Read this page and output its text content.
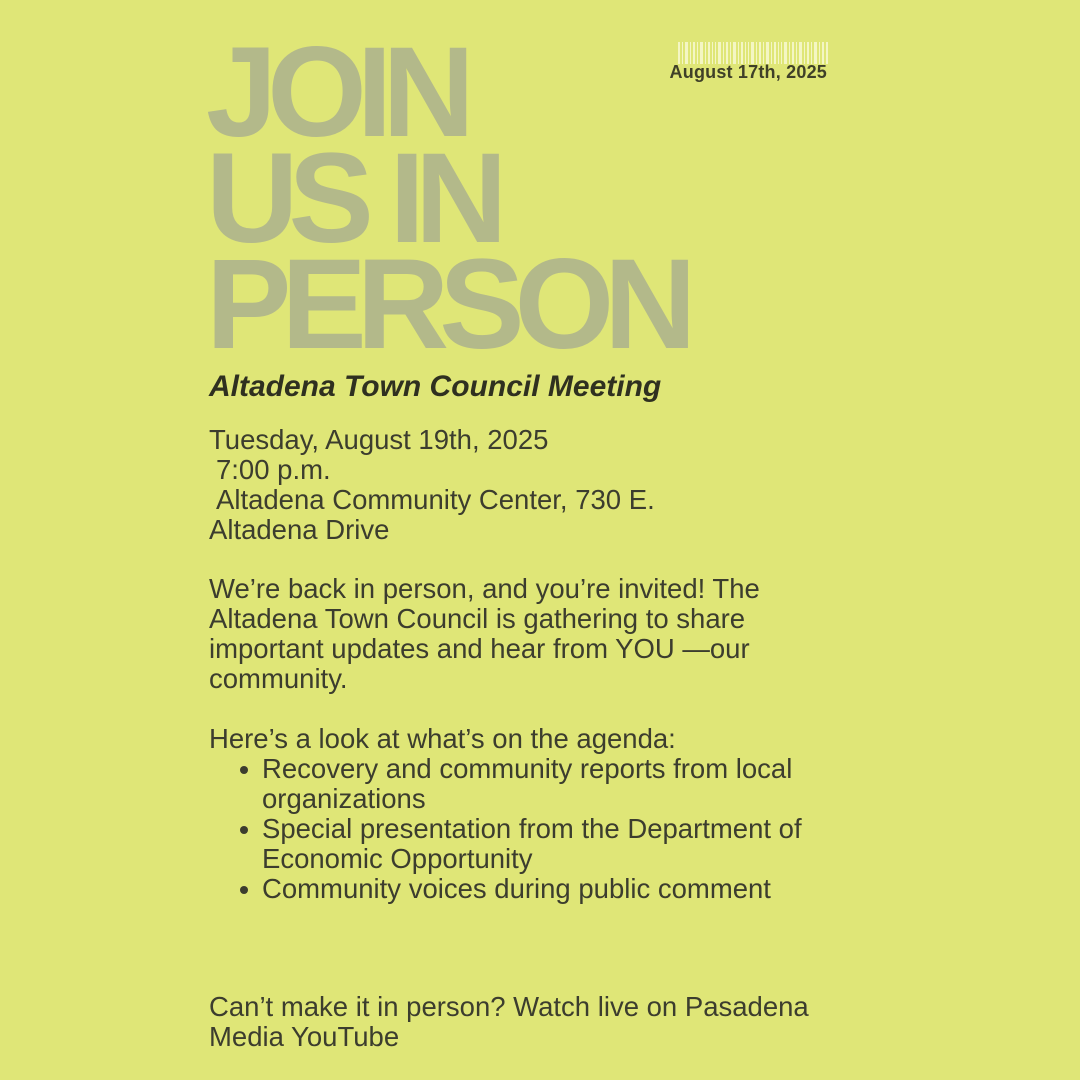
August 17th, 2025
JOIN
US IN
PERSON
Altadena Town Council Meeting
Tuesday, August 19th, 2025
7:00 p.m.
Altadena Community Center, 730 E.
Altadena Drive

We’re back in person, and you’re invited! The Altadena Town Council is gathering to share important updates and hear from YOU —our community.

Here’s a look at what’s on the agenda:

Recovery and community reports from local organizations
Special presentation from the Department of Economic Opportunity
Community voices during public comment

Can’t make it in person? Watch live on Pasadena Media YouTube
